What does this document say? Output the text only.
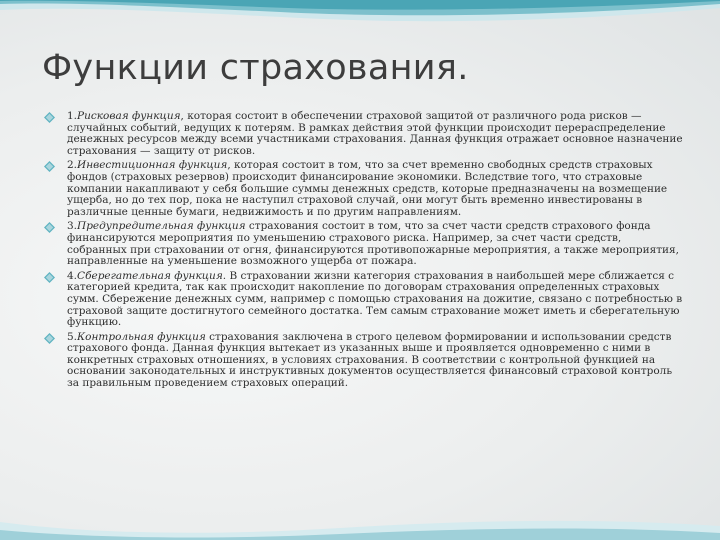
Функции страхования.
1.Рисковая функция, которая состоит в обеспечении страховой защитой от различного рода рисков — случайных событий, ведущих к потерям. В рамках действия этой функции происходит перераспределение денежных ресурсов между всеми участниками страхования. Данная функция отражает основное назначение страхования — защиту от рисков.
2.Инвестиционная функция, которая состоит в том, что за счет временно свободных средств страховых фондов (страховых резервов) происходит финансирование экономики. Вследствие того, что страховые компании накапливают у себя большие суммы денежных средств, которые предназначены на возмещение ущерба, но до тех пор, пока не наступил страховой случай, они могут быть временно инвестированы в различные ценные бумаги, недвижимость и по другим направлениям.
3.Предупредительная функция страхования состоит в том, что за счет части средств страхового фонда финансируются мероприятия по уменьшению страхового риска. Например, за счет части средств, собранных при страховании от огня, финансируются противопожарные мероприятия, а также мероприятия, направленные на уменьшение возможного ущерба от пожара.
4.Сберегательная функция. В страховании жизни категория страхования в наибольшей мере сближается с категорией кредита, так как происходит накопление по договорам страхования определенных страховых сумм. Сбережение денежных сумм, например с помощью страхования на дожитие, связано с потребностью в страховой защите достигнутого семейного достатка. Тем самым страхование может иметь и сберегательную функцию.
5.Контрольная функция страхования заключена в строго целевом формировании и использовании средств страхового фонда. Данная функция вытекает из указанных выше и проявляется одновременно с ними в конкретных страховых отношениях, в условиях страхования. В соответствии с контрольной функцией на основании законодательных и инструктивных документов осуществляется финансовый страховой контроль за правильным проведением страховых операций.
